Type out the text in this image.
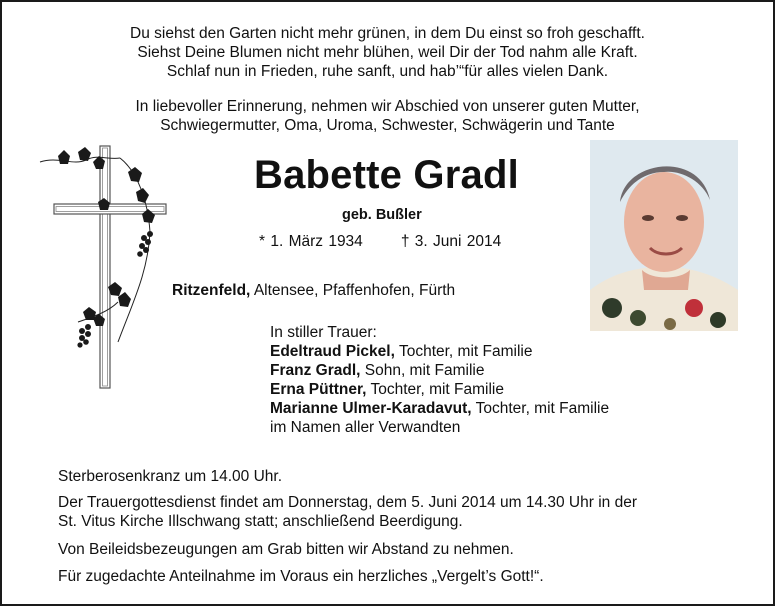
Du siehst den Garten nicht mehr grünen, in dem Du einst so froh geschafft.
Siehst Deine Blumen nicht mehr blühen, weil Dir der Tod nahm alle Kraft.
Schlaf nun in Frieden, ruhe sanft, und hab’“für alles vielen Dank.
In liebevoller Erinnerung, nehmen wir Abschied von unserer guten Mutter,
Schwiegermutter, Oma, Uroma, Schwester, Schwägerin und Tante
Babette Gradl
geb. Bußler
* 1. März 1934 † 3. Juni 2014
Ritzenfeld, Altensee, Pfaffenhofen, Fürth
In stiller Trauer:
Edeltraud Pickel, Tochter, mit Familie
Franz Gradl, Sohn, mit Familie
Erna Püttner, Tochter, mit Familie
Marianne Ulmer-Karadavut, Tochter, mit Familie
im Namen aller Verwandten
Sterberosenkranz um 14.00 Uhr.
Der Trauergottesdienst findet am Donnerstag, dem 5. Juni 2014 um 14.30 Uhr in der
St. Vitus Kirche Illschwang statt; anschließend Beerdigung.
Von Beileidsbezeugungen am Grab bitten wir Abstand zu nehmen.
Für zugedachte Anteilnahme im Voraus ein herzliches „Vergelt’s Gott!“.
